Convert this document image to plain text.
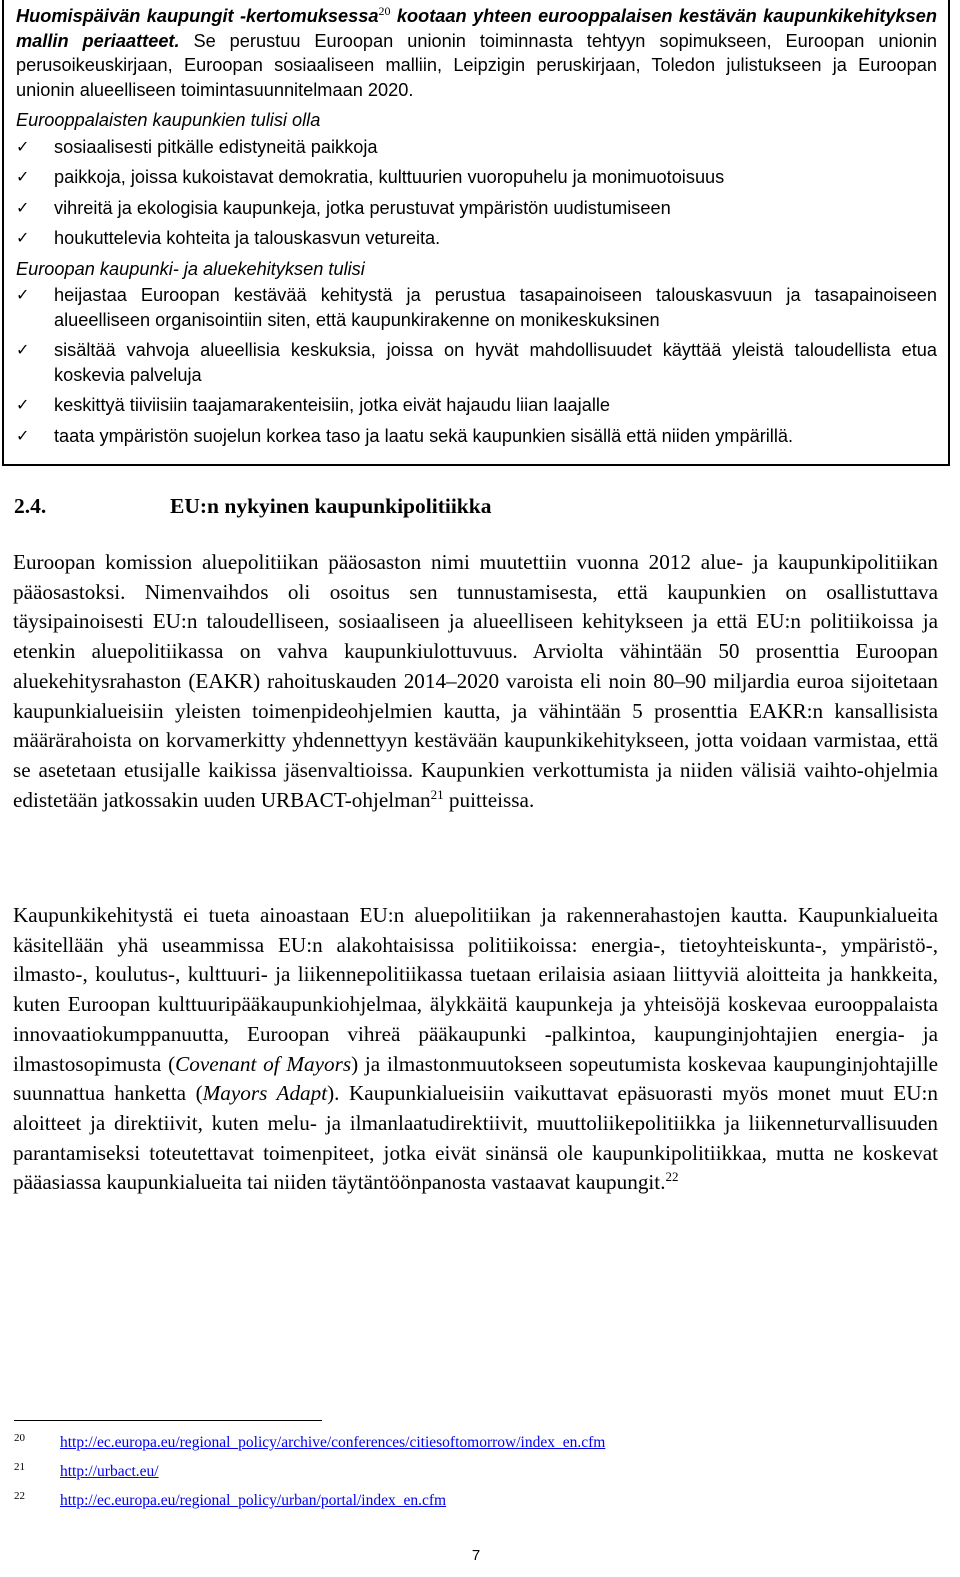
Huomispäivän kaupungit -kertomuksessa$^{20}$ kootaan yhteen eurooppalaisen kestävän kaupunkikehityksen mallin periaatteet. Se perustuu Euroopan unionin toiminnasta tehtyyn sopimukseen, Euroopan unionin perusoikeuskirjaan, Euroopan sosiaaliseen malliin, Leipzigin peruskirjaan, Toledon julistukseen ja Euroopan unionin alueelliseen toimintasuunnitelmaan 2020.

Eurooppalaisten kaupunkien tulisi olla

✓ sosiaalisesti pitkälle edistyneitä paikkoja
✓ paikkoja, joissa kukoistavat demokratia, kulttuurien vuoropuhelu ja monimuotoisuus
✓ vihreitä ja ekologisia kaupunkeja, jotka perustuvat ympäristön uudistumiseen
✓ houkuttelevia kohteita ja talouskasvun vetureita.

Euroopan kaupunki- ja aluekehityksen tulisi

✓ heijastaa Euroopan kestävää kehitystä ja perustua tasapainoiseen talouskasvuun ja tasapainoiseen alueelliseen organisointiin siten, että kaupunkirakenne on monikeskuksinen
✓ sisältää vahvoja alueellisia keskuksia, joissa on hyvät mahdollisuudet käyttää yleistä taloudellista etua koskevia palveluja
✓ keskittyä tiiviisiin taajamarakenteisiin, jotka eivät hajaudu liian laajalle
✓ taata ympäristön suojelun korkea taso ja laatu sekä kaupunkien sisällä että niiden ympärillä.
2.4.	EU:n nykyinen kaupunkipolitiikka

Euroopan komission aluepolitiikan pääosaston nimi muutettiin vuonna 2012 alue- ja kaupunkipolitiikan pääosastoksi. Nimenvaihdos oli osoitus sen tunnustamisesta, että kaupunkien on osallistuttava täysipainoisesti EU:n taloudelliseen, sosiaaliseen ja alueelliseen kehitykseen ja että EU:n politiikoissa ja etenkin aluepolitiikassa on vahva kaupunkiulottuvuus. Arviolta vähintään 50 prosenttia Euroopan aluekehitysrahaston (EAKR) rahoituskauden 2014–2020 varoista eli noin 80–90 miljardia euroa sijoitetaan kaupunkialueisiin yleisten toimenpideohjelmien kautta, ja vähintään 5 prosenttia EAKR:n kansallisista määrärahoista on korvamerkitty yhdennettyyn kestävään kaupunkikehitykseen, jotta voidaan varmistaa, että se asetetaan etusijalle kaikissa jäsenvaltioissa. Kaupunkien verkottumista ja niiden välisiä vaihto-ohjelmia edistetään jatkossakin uuden URBACT-ohjelman$^{21}$ puitteissa.

Kaupunkikehitystä ei tueta ainoastaan EU:n aluepolitiikan ja rakennerahastojen kautta. Kaupunkialueita käsitellään yhä useammissa EU:n alakohtaisissa politiikoissa: energia-, tietoyhteiskunta-, ympäristö-, ilmasto-, koulutus-, kulttuuri- ja liikennepolitiikassa tuetaan erilaisia asiaan liittyviä aloitteita ja hankkeita, kuten Euroopan kulttuuripääkaupunkiohjelmaa, älykkäitä kaupunkeja ja yhteisöjä koskevaa eurooppalaista innovaatiokumppanuutta, Euroopan vihreä pääkaupunki -palkintoa, kaupunginjohtajien energia- ja ilmastosopimusta (Covenant of Mayors) ja ilmastonmuutokseen sopeutumista koskevaa kaupunginjohtajille suunnattua hanketta (Mayors Adapt). Kaupunkialueisiin vaikuttavat epäsuorasti myös monet muut EU:n aloitteet ja direktiivit, kuten melu- ja ilmanlaatudirektiivit, muuttoliikepolitiikka ja liikenneturvallisuuden parantamiseksi toteutettavat toimenpiteet, jotka eivät sinänsä ole kaupunkipolitiikkaa, mutta ne koskevat pääasiassa kaupunkialueita tai niiden täytäntöönpanosta vastaavat kaupungit.$^{22}$

20 http://ec.europa.eu/regional_policy/archive/conferences/citiesoftomorrow/index_en.cfm

21 http://urbact.eu/

22 http://ec.europa.eu/regional_policy/urban/portal/index_en.cfm

7
